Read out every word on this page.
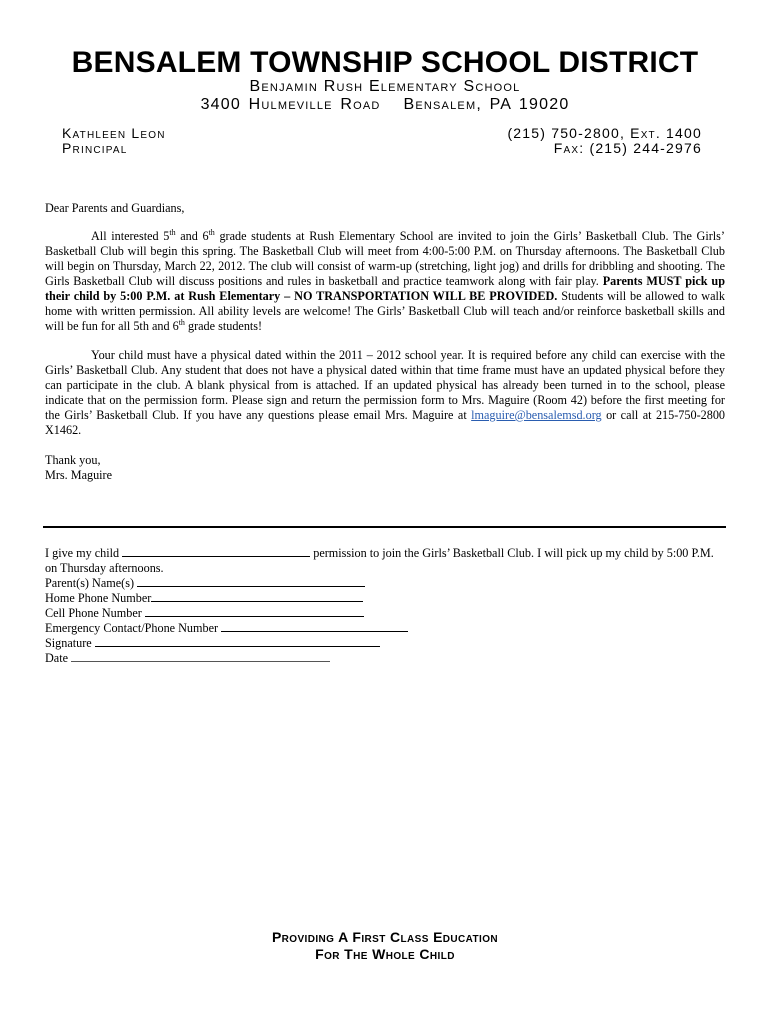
BENSALEM TOWNSHIP SCHOOL DISTRICT
Benjamin Rush Elementary School
3400 Hulmeville Road   Bensalem, PA 19020
Kathleen Leon
Principal
(215) 750-2800, Ext. 1400
Fax: (215) 244-2976
Dear Parents and Guardians,
All interested 5th and 6th grade students at Rush Elementary School are invited to join the Girls’ Basketball Club. The Girls’ Basketball Club will begin this spring. The Basketball Club will meet from 4:00-5:00 P.M. on Thursday afternoons. The Basketball Club will begin on Thursday, March 22, 2012. The club will consist of warm-up (stretching, light jog) and drills for dribbling and shooting. The Girls Basketball Club will discuss positions and rules in basketball and practice teamwork along with fair play. Parents MUST pick up their child by 5:00 P.M. at Rush Elementary – NO TRANSPORTATION WILL BE PROVIDED. Students will be allowed to walk home with written permission. All ability levels are welcome! The Girls’ Basketball Club will teach and/or reinforce basketball skills and will be fun for all 5th and 6th grade students!
Your child must have a physical dated within the 2011 – 2012 school year. It is required before any child can exercise with the Girls’ Basketball Club. Any student that does not have a physical dated within that time frame must have an updated physical before they can participate in the club. A blank physical from is attached. If an updated physical has already been turned in to the school, please indicate that on the permission form. Please sign and return the permission form to Mrs. Maguire (Room 42) before the first meeting for the Girls’ Basketball Club. If you have any questions please email Mrs. Maguire at lmaguire@bensalemsd.org or call at 215-750-2800 X1462.
Thank you,
Mrs. Maguire
I give my child	permission to join the Girls’ Basketball Club. I will pick up my child by 5:00 P.M. on Thursday afternoons.
Parent(s) Name(s)
Home Phone Number
Cell Phone Number
Emergency Contact/Phone Number
Signature
Date
Providing A First Class Education
For The Whole Child
